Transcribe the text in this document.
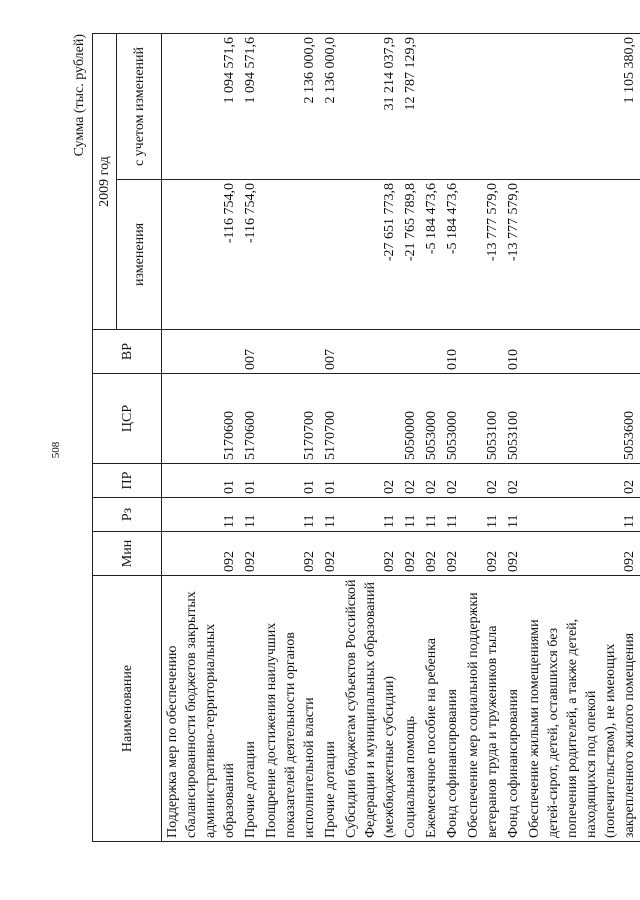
508
Сумма (тыс. рублей)
Наименование	Мин	Рз	ПР	ЦСР	ВР	2009 год	
						изменения	с учетом изменений
Поддержка мер по обеспечению сбалансированности бюджетов закрытых административно-территориальных образований	092	11	01	5170600		-116 754,0	1 094 571,6
Прочие дотации	092	11	01	5170600	007	-116 754,0	1 094 571,6
Поощрение достижения наилучших показателей деятельности органов исполнительной власти	092	11	01	5170700			2 136 000,0
Прочие дотации	092	11	01	5170700	007		2 136 000,0
Субсидии бюджетам субъектов Российской Федерации и муниципальных образований (межбюджетные субсидии)	092	11	02			-27 651 773,8	31 214 037,9
Социальная помощь	092	11	02	5050000		-21 765 789,8	12 787 129,9
Ежемесячное пособие на ребенка	092	11	02	5053000		-5 184 473,6	
Фонд софинансирования	092	11	02	5053000	010	-5 184 473,6	
Обеспечение мер социальной поддержки ветеранов труда и тружеников тыла	092	11	02	5053100		-13 777 579,0	
Фонд софинансирования	092	11	02	5053100	010	-13 777 579,0	
Обеспечение жилыми помещениями детей-сирот, детей, оставшихся без попечения родителей, а также детей, находящихся под опекой (попечительством), не имеющих закрепленного жилого помещения	092	11	02	5053600			1 105 380,0
